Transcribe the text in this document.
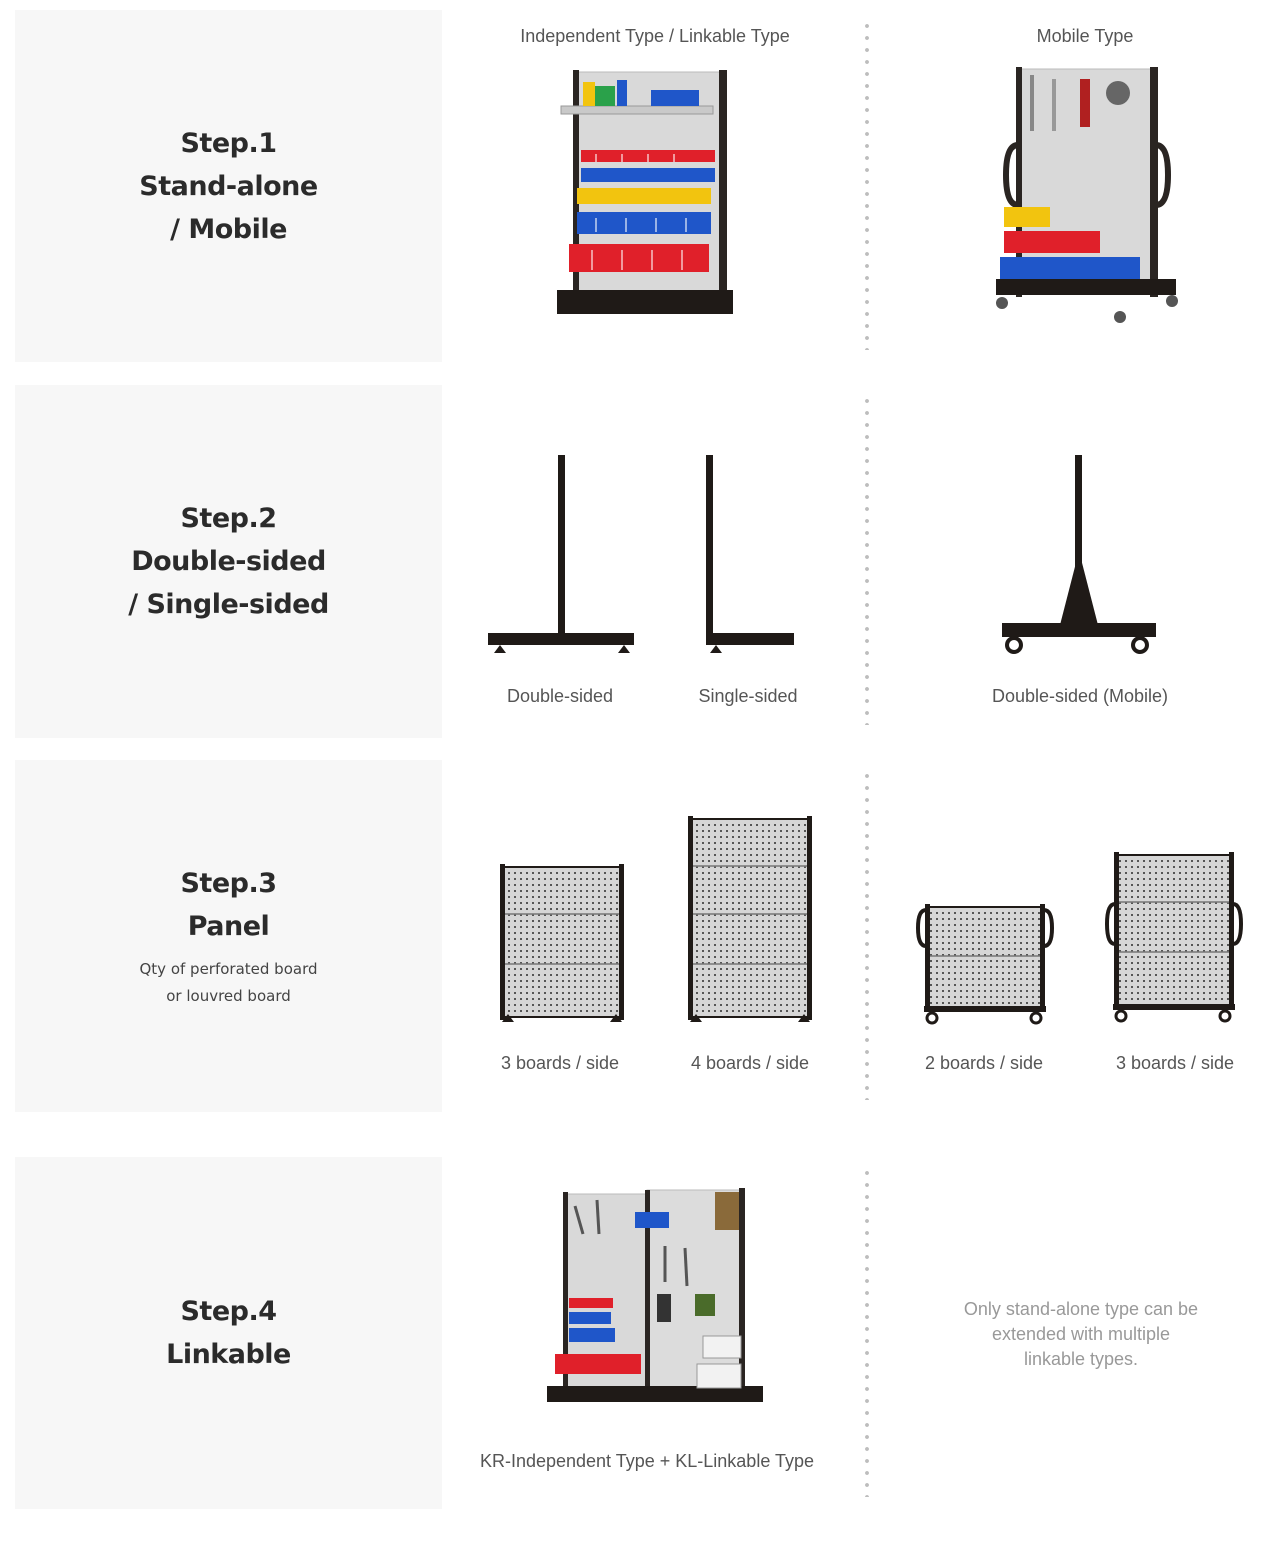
Step.1
Stand-alone
/ Mobile
Independent Type / Linkable Type	Mobile Type
Step.2
Double-sided
/ Single-sided
Double-sided	Single-sided	Double-sided (Mobile)
Step.3
Panel
Qty of perforated board
or louvred board
3 boards / side	4 boards / side	2 boards / side	3 boards / side
Step.4
Linkable
KR-Independent Type + KL-Linkable Type
Only stand-alone type can be extended with multiple linkable types.
